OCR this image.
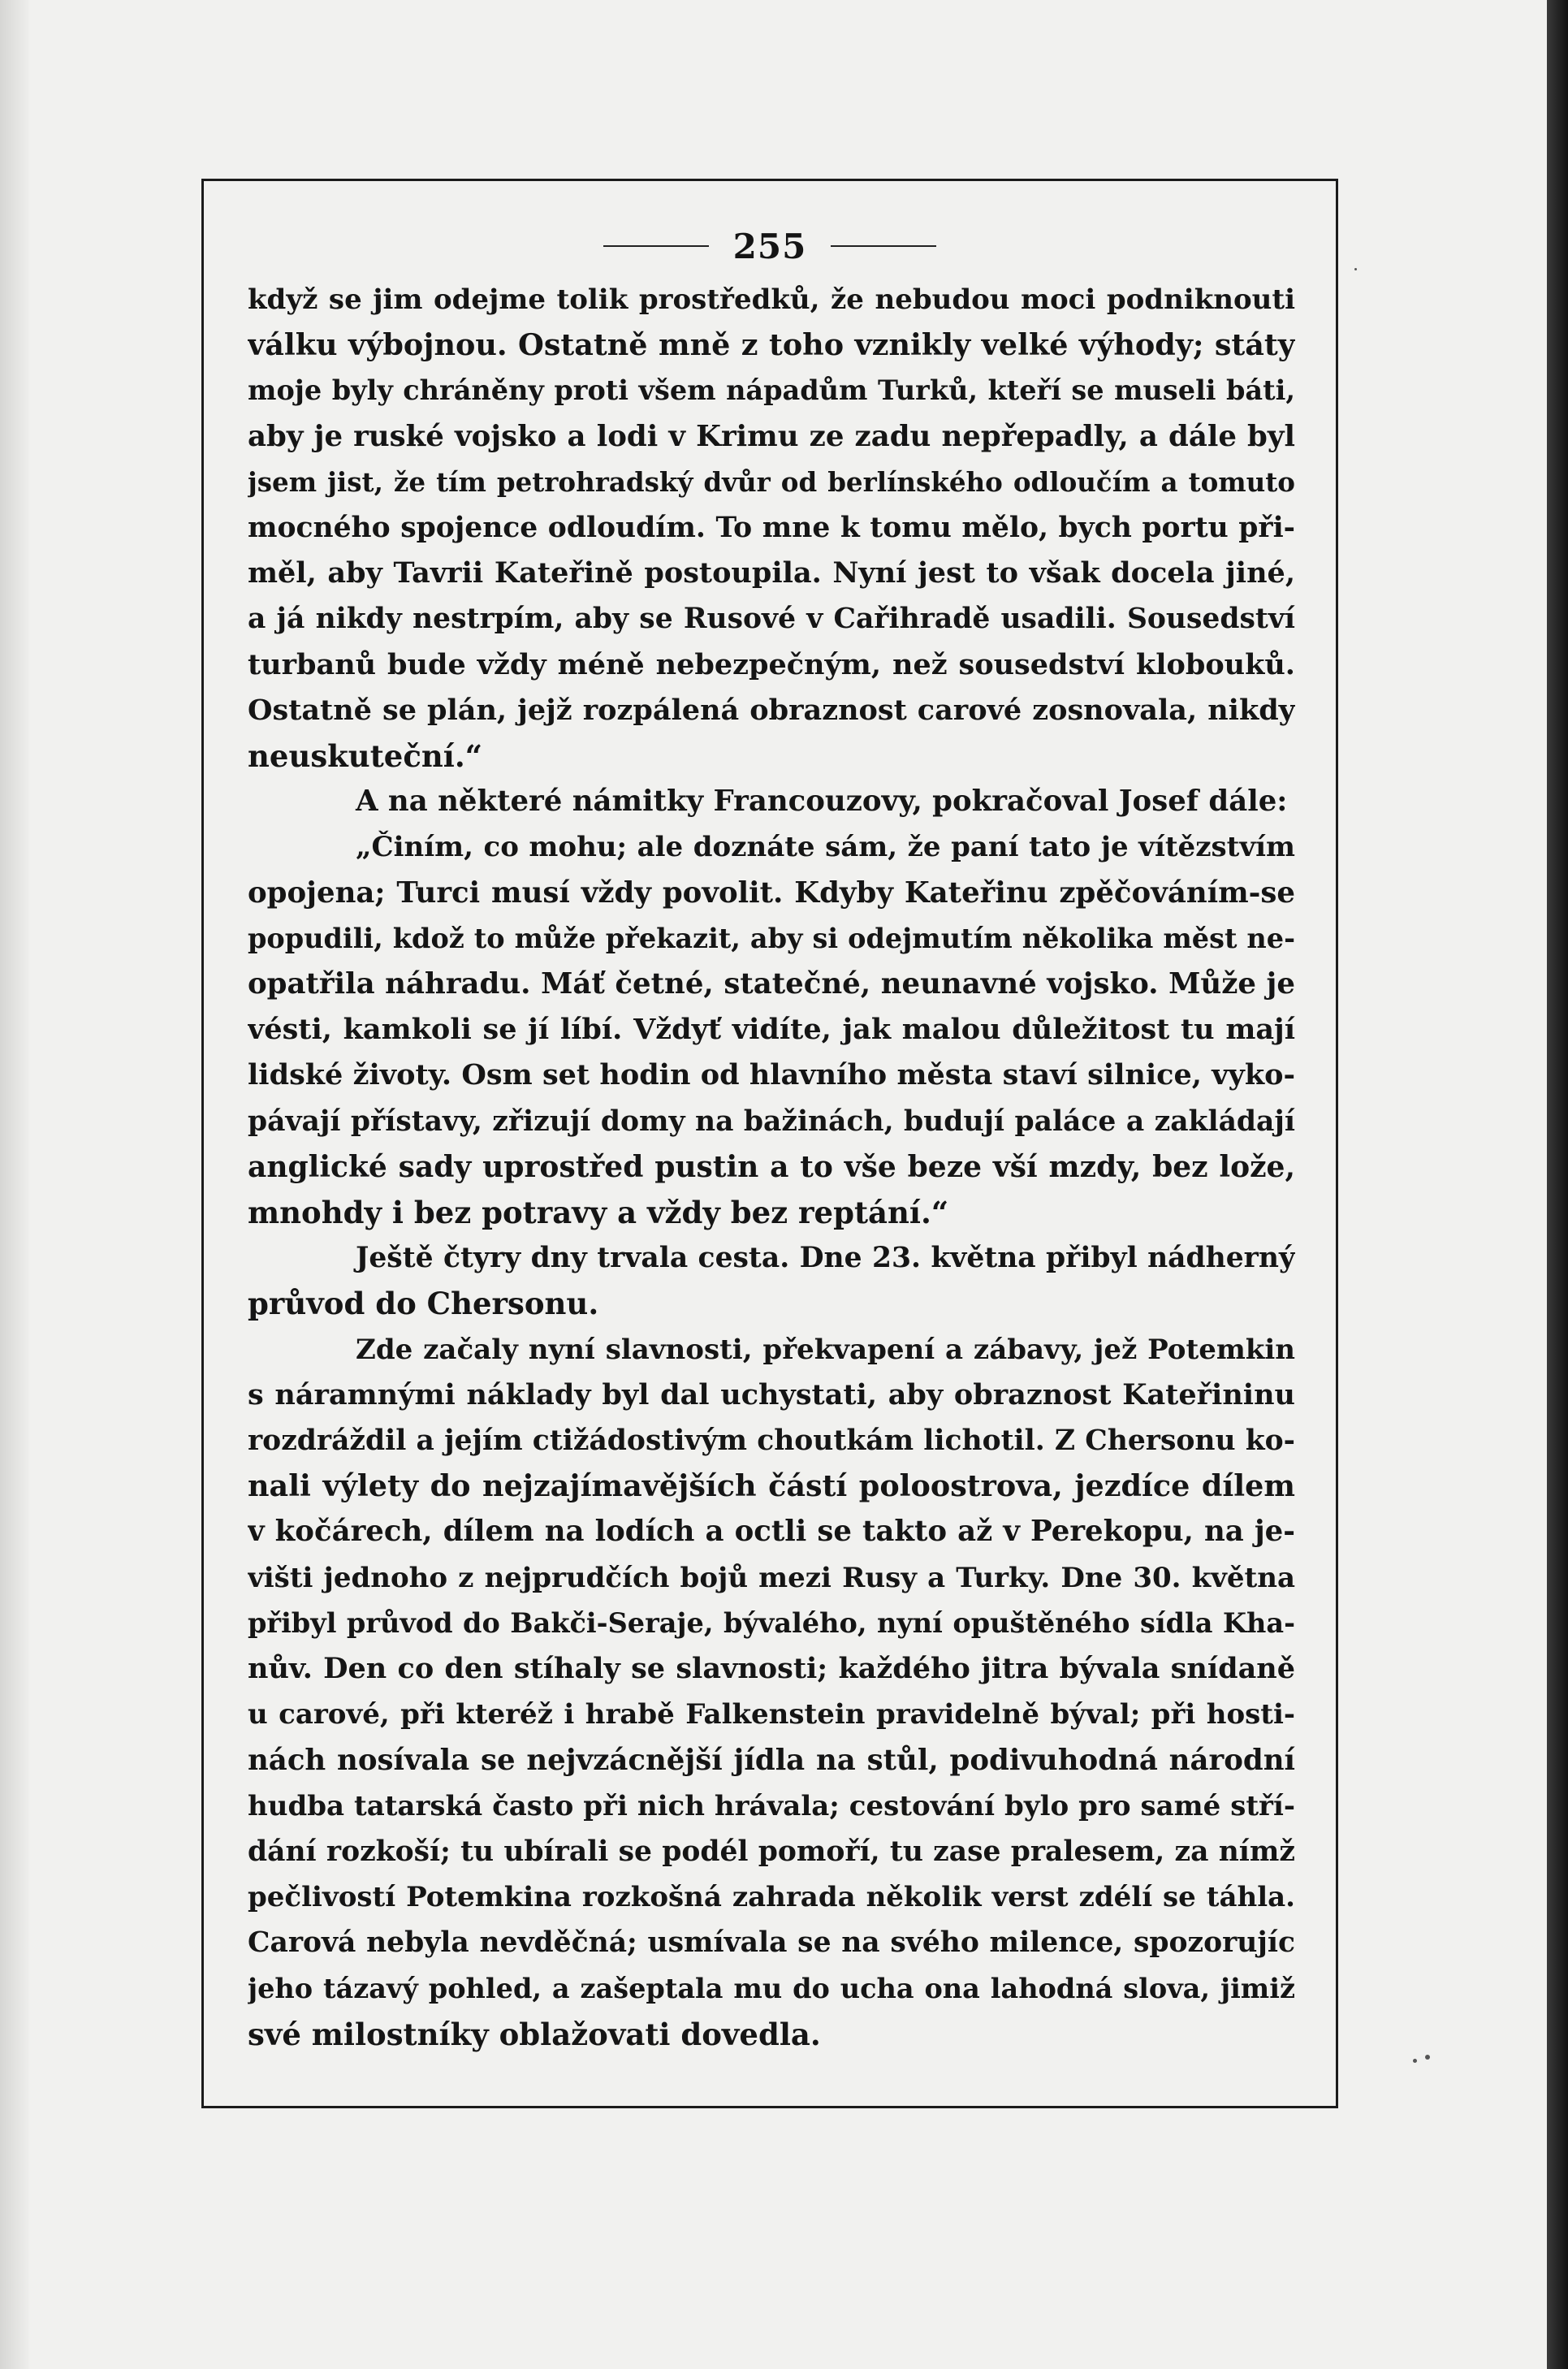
255
když se jim odejme tolik prostředků, že nebudou moci podniknouti
válku výbojnou. Ostatně mně z toho vznikly velké výhody; státy
moje byly chráněny proti všem nápadům Turků, kteří se museli báti,
aby je ruské vojsko a lodi v Krimu ze zadu nepřepadly, a dále byl
jsem jist, že tím petrohradský dvůr od berlínského odloučím a tomuto
mocného spojence odloudím. To mne k tomu mělo, bych portu při-
měl, aby Tavrii Kateřině postoupila. Nyní jest to však docela jiné,
a já nikdy nestrpím, aby se Rusové v Cařihradě usadili. Sousedství
turbanů bude vždy méně nebezpečným, než sousedství klobouků.
Ostatně se plán, jejž rozpálená obraznost carové zosnovala, nikdy
neuskuteční.“
A na některé námitky Francouzovy, pokračoval Josef dále:
„Činím, co mohu; ale doznáte sám, že paní tato je vítězstvím
opojena; Turci musí vždy povolit. Kdyby Kateřinu zpěčováním-se
popudili, kdož to může překazit, aby si odejmutím několika měst ne-
opatřila náhradu. Máť četné, statečné, neunavné vojsko. Může je
vésti, kamkoli se jí líbí. Vždyť vidíte, jak malou důležitost tu mají
lidské životy. Osm set hodin od hlavního města staví silnice, vyko-
pávají přístavy, zřizují domy na bažinách, budují paláce a zakládají
anglické sady uprostřed pustin a to vše beze vší mzdy, bez lože,
mnohdy i bez potravy a vždy bez reptání.“
Ještě čtyry dny trvala cesta. Dne 23. května přibyl nádherný
průvod do Chersonu.
Zde začaly nyní slavnosti, překvapení a zábavy, jež Potemkin
s náramnými náklady byl dal uchystati, aby obraznost Kateřininu
rozdráždil a jejím ctižádostivým choutkám lichotil. Z Chersonu ko-
nali výlety do nejzajímavějších částí poloostrova, jezdíce dílem
v kočárech, dílem na lodích a octli se takto až v Perekopu, na je-
višti jednoho z nejprudčích bojů mezi Rusy a Turky. Dne 30. května
přibyl průvod do Bakči-Seraje, bývalého, nyní opuštěného sídla Kha-
nův. Den co den stíhaly se slavnosti; každého jitra bývala snídaně
u carové, při kteréž i hrabě Falkenstein pravidelně býval; při hosti-
nách nosívala se nejvzácnější jídla na stůl, podivuhodná národní
hudba tatarská často při nich hrávala; cestování bylo pro samé stří-
dání rozkoší; tu ubírali se podél pomoří, tu zase pralesem, za nímž
pečlivostí Potemkina rozkošná zahrada několik verst zdélí se táhla.
Carová nebyla nevděčná; usmívala se na svého milence, spozorujíc
jeho tázavý pohled, a zašeptala mu do ucha ona lahodná slova, jimiž
své milostníky oblažovati dovedla.
